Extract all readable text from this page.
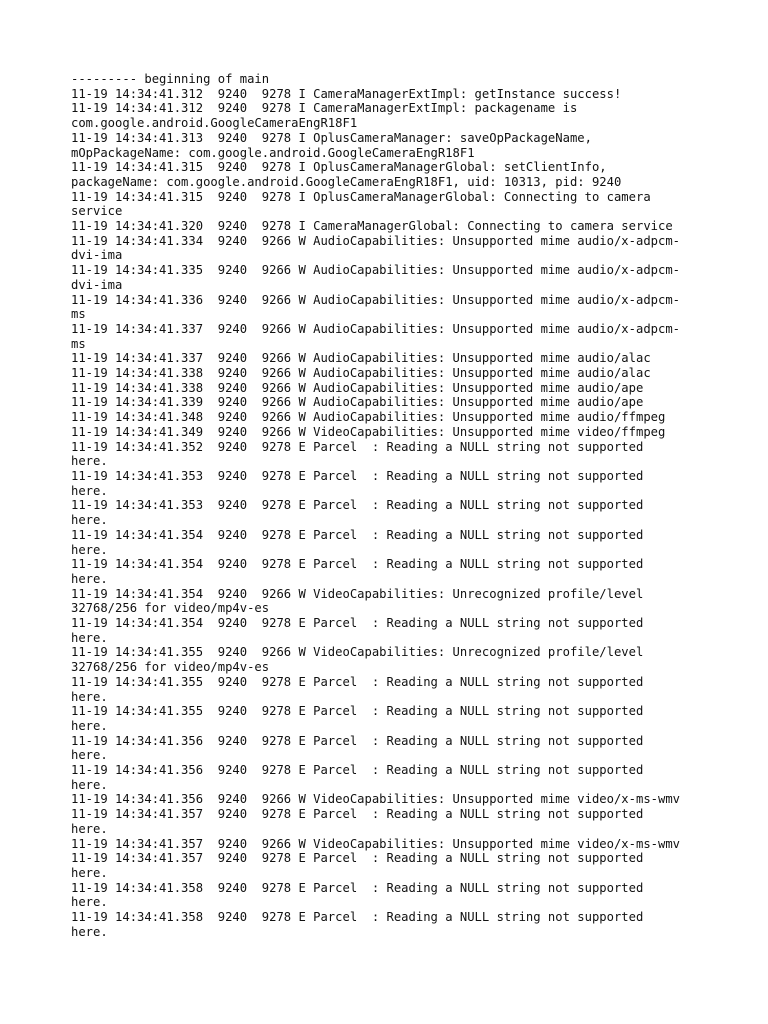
--------- beginning of main
11-19 14:34:41.312  9240  9278 I CameraManagerExtImpl: getInstance success!
11-19 14:34:41.312  9240  9278 I CameraManagerExtImpl: packagename is
com.google.android.GoogleCameraEngR18F1
11-19 14:34:41.313  9240  9278 I OplusCameraManager: saveOpPackageName,
mOpPackageName: com.google.android.GoogleCameraEngR18F1
11-19 14:34:41.315  9240  9278 I OplusCameraManagerGlobal: setClientInfo,
packageName: com.google.android.GoogleCameraEngR18F1, uid: 10313, pid: 9240
11-19 14:34:41.315  9240  9278 I OplusCameraManagerGlobal: Connecting to camera
service
11-19 14:34:41.320  9240  9278 I CameraManagerGlobal: Connecting to camera service
11-19 14:34:41.334  9240  9266 W AudioCapabilities: Unsupported mime audio/x-adpcm-
dvi-ima
11-19 14:34:41.335  9240  9266 W AudioCapabilities: Unsupported mime audio/x-adpcm-
dvi-ima
11-19 14:34:41.336  9240  9266 W AudioCapabilities: Unsupported mime audio/x-adpcm-
ms
11-19 14:34:41.337  9240  9266 W AudioCapabilities: Unsupported mime audio/x-adpcm-
ms
11-19 14:34:41.337  9240  9266 W AudioCapabilities: Unsupported mime audio/alac
11-19 14:34:41.338  9240  9266 W AudioCapabilities: Unsupported mime audio/alac
11-19 14:34:41.338  9240  9266 W AudioCapabilities: Unsupported mime audio/ape
11-19 14:34:41.339  9240  9266 W AudioCapabilities: Unsupported mime audio/ape
11-19 14:34:41.348  9240  9266 W AudioCapabilities: Unsupported mime audio/ffmpeg
11-19 14:34:41.349  9240  9266 W VideoCapabilities: Unsupported mime video/ffmpeg
11-19 14:34:41.352  9240  9278 E Parcel  : Reading a NULL string not supported
here.
11-19 14:34:41.353  9240  9278 E Parcel  : Reading a NULL string not supported
here.
11-19 14:34:41.353  9240  9278 E Parcel  : Reading a NULL string not supported
here.
11-19 14:34:41.354  9240  9278 E Parcel  : Reading a NULL string not supported
here.
11-19 14:34:41.354  9240  9278 E Parcel  : Reading a NULL string not supported
here.
11-19 14:34:41.354  9240  9266 W VideoCapabilities: Unrecognized profile/level
32768/256 for video/mp4v-es
11-19 14:34:41.354  9240  9278 E Parcel  : Reading a NULL string not supported
here.
11-19 14:34:41.355  9240  9266 W VideoCapabilities: Unrecognized profile/level
32768/256 for video/mp4v-es
11-19 14:34:41.355  9240  9278 E Parcel  : Reading a NULL string not supported
here.
11-19 14:34:41.355  9240  9278 E Parcel  : Reading a NULL string not supported
here.
11-19 14:34:41.356  9240  9278 E Parcel  : Reading a NULL string not supported
here.
11-19 14:34:41.356  9240  9278 E Parcel  : Reading a NULL string not supported
here.
11-19 14:34:41.356  9240  9266 W VideoCapabilities: Unsupported mime video/x-ms-wmv
11-19 14:34:41.357  9240  9278 E Parcel  : Reading a NULL string not supported
here.
11-19 14:34:41.357  9240  9266 W VideoCapabilities: Unsupported mime video/x-ms-wmv
11-19 14:34:41.357  9240  9278 E Parcel  : Reading a NULL string not supported
here.
11-19 14:34:41.358  9240  9278 E Parcel  : Reading a NULL string not supported
here.
11-19 14:34:41.358  9240  9278 E Parcel  : Reading a NULL string not supported
here.
